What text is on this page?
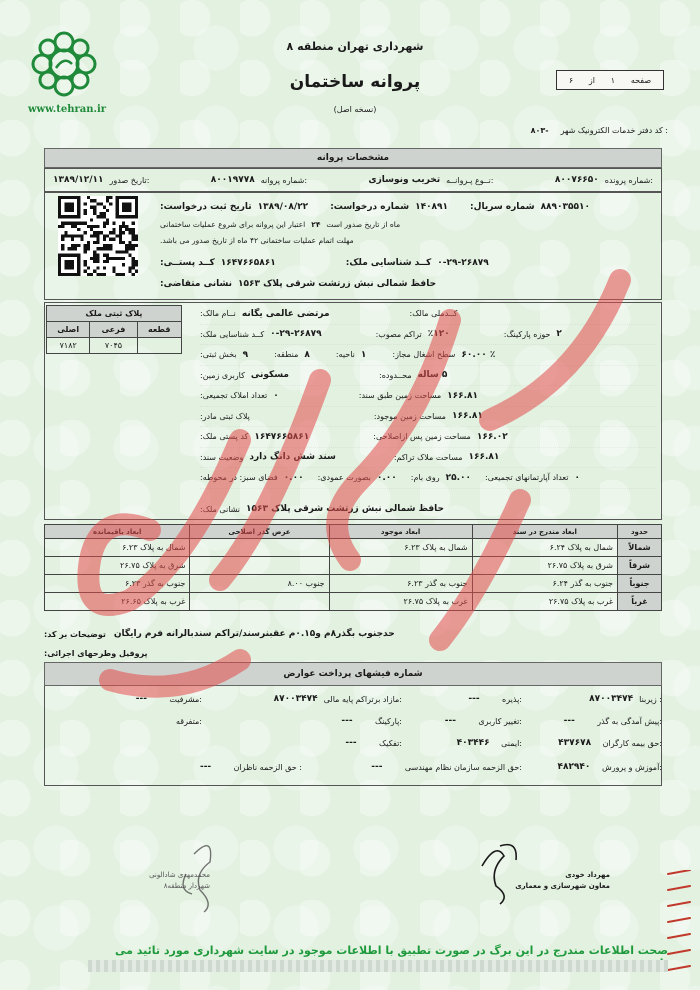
www.tehran.ir
شهرداری تهران منطقه ۸
پروانه ساختمان
(نسخه اصل)
صفحه
۱
از
۶
کد دفتر خدمات الکترونیک شهر :
۸۰۳-
مشخصات پروانه
شماره پرونده:
۸۰۰۷۶۶۵۰
نــوع پـروانــه:
تخریب ونوسازی
شماره پروانه:
۸۰۰۱۹۷۷۸
تاریخ صدور:
۱۳۸۹/۱۲/۱۱
تاریخ ثبت درخواست: ۱۳۸۹/۰۸/۲۲ شماره درخواست: ۱۴۰۸۹۱ شماره سریال: ۸۸۹۰۳۵۵۱۰
اعتبار این پروانه برای شروع عملیات ساختمانی ۲۴ ماه از تاریخ صدور است
مهلت اتمام عملیات ساختمانی ۴۲ ماه از تاریخ صدور می باشد.
کــد پستــی: ۱۶۴۷۶۶۵۸۶۱	کــد شناسایی ملک: ۰-۲۹-۲۶۸۷۹
نشانی متقاضی: حافظ شمالی نبش زرتشت شرقی پلاک ۱۵۶۳
پلاک ثبتی ملک		
قطعه	فرعی	اصلی
	۷۰۴۵	۷۱۸۲
نــام مالک: مرتضی عالمی یگانه	کــدملی مالک:
کــد شناسایی ملک: ۰-۲۹-۲۶۸۷۹	تراکم مصوب: ٪۱۲۰	حوزه پارکینگ: ۲
بخش ثبتی: ۹	منطقه: ۸	ناحیه: ۱	سطح اشغال مجاز: ٪ ۶۰.۰۰
کاربری زمین: مسکونی	محــدوده: ۵ ساله
تعداد املاک تجمیعی: ۰	مساحت زمین طبق سند: ۱۶۶.۸۱
پلاک ثبتی مادر:	مساحت زمین موجود: ۱۶۶.۸۱
کد پستی ملک: ۱۶۴۷۶۶۵۸۶۱	مساحت زمین پس ازاصلاحی: ۱۶۶.۰۲
وضعیت سند: سند شش دانگ دارد	مساحت ملاک تراکم: ۱۶۶.۸۱
فضای سبز: در محوطه: ۰.۰۰ بصورت عمودی: ۰.۰۰ روی بام: ۲۵.۰۰ تعداد آپارتمانهای تجمیعی: ۰
نشانی ملک: حافظ شمالی نبش زرتشت شرقی پلاک ۱۵۶۳
حدود	ابعاد مندرج در سند	ابعاد موجود	عرض گذر اصلاحی	ابعاد باقیمانده
شمالاً	شمال به پلاک ۶.۲۴	شمال به پلاک ۶.۲۳		شمال به پلاک ۶.۲۳
شرقاً	شرق به پلاک ۲۶.۷۵			شرق به پلاک ۲۶.۷۵
جنوباً	جنوب به گذر ۶.۲۴	جنوب به گذر ۶.۲۳	جنوب ۸.۰۰	جنوب به گذر ۶.۲۳
غرباً	غرب به پلاک ۲۶.۷۵	غرب به پلاک ۲۶.۷۵		غرب به پلاک ۲۶.۶۵
توضیحات بر کد: حدجنوب بگذر۸م و۰.۱۵م عقبنرسند/تراکم سندبالرانه فرم رایگان
پروفیل وطرحهای اجرائی:
شماره فیشهای پرداخت عوارض
زیربنا :
۸۷۰۰۳۴۷۴
پذیره:
---
مازاد برتراکم پایه مالی:
۸۷۰۰۳۴۷۴
مشرفیت:
---
پیش آمدگی به گذر:
---
تغییر کاربری:
---
پارکینگ:
---
متفرقه:
حق بیمه کارگران:
۴۳۷۶۷۸
ایمنی:
۴۰۳۴۴۶
تفکیک:
---
آموزش و پرورش:
۴۸۲۹۴۰
حق الزحمه سازمان نظام مهندسی:
---
حق الزحمه ناظران :
---
مهرداد خودی
معاون شهرسازی و معماری
محمدمهدی شادالونی
شهردار منطقه۸
صحت اطلاعات مندرج در این برگ در صورت تطبیق با اطلاعات موجود در سایت شهرداری مورد تائید می
